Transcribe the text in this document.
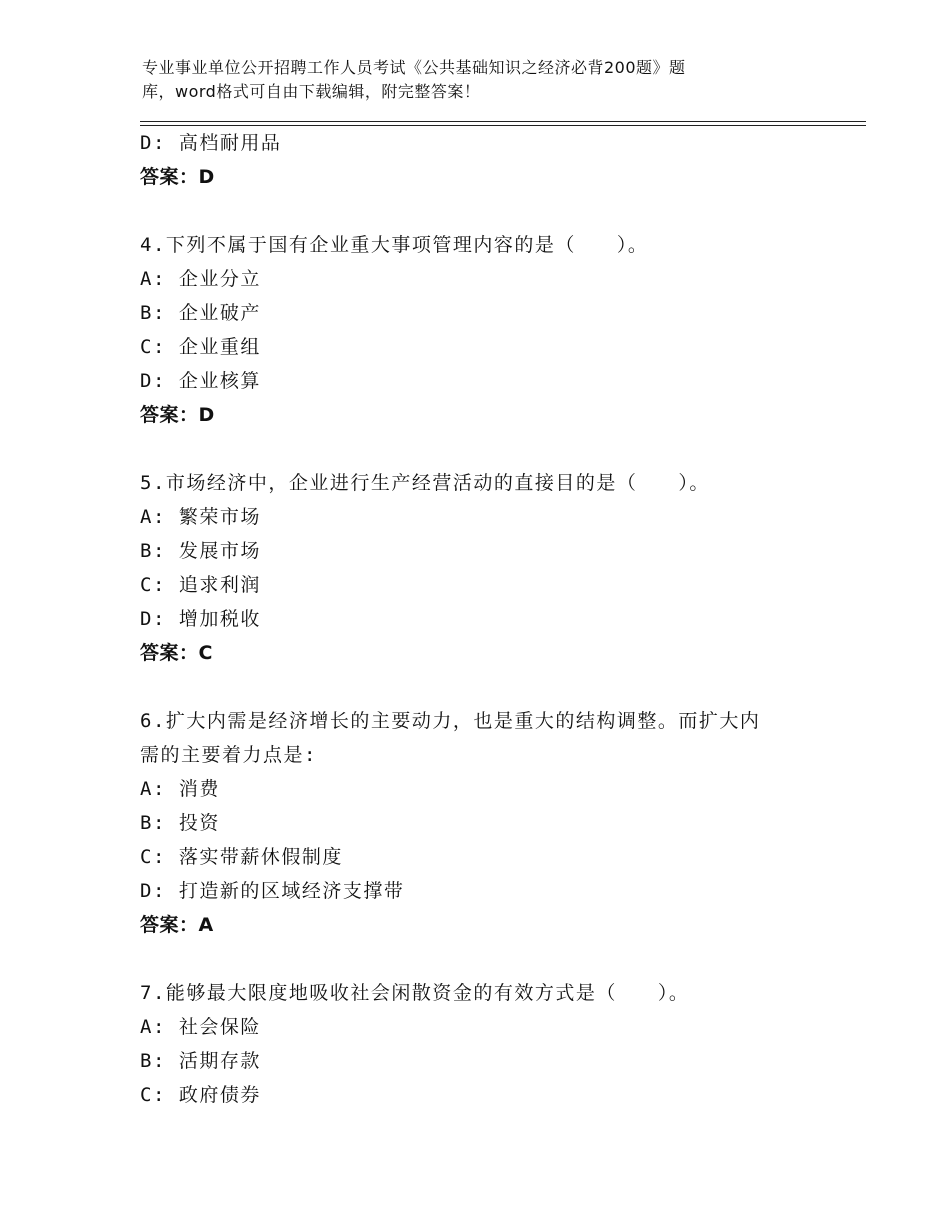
专业事业单位公开招聘工作人员考试《公共基础知识之经济必背200题》题
库，word格式可自由下载编辑，附完整答案！
D: 高档耐用品
答案：D
4.下列不属于国有企业重大事项管理内容的是（　　）。
A: 企业分立
B: 企业破产
C: 企业重组
D: 企业核算
答案：D
5.市场经济中，企业进行生产经营活动的直接目的是（　　）。
A: 繁荣市场
B: 发展市场
C: 追求利润
D: 增加税收
答案：C
6.扩大内需是经济增长的主要动力，也是重大的结构调整。而扩大内
需的主要着力点是:
A: 消费
B: 投资
C: 落实带薪休假制度
D: 打造新的区域经济支撑带
答案：A
7.能够最大限度地吸收社会闲散资金的有效方式是（　　）。
A: 社会保险
B: 活期存款
C: 政府债券
